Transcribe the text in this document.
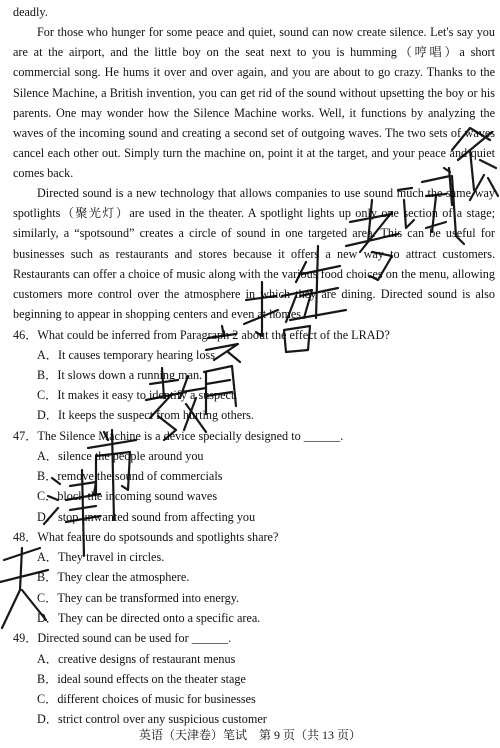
deadly.

For those who hunger for some peace and quiet, sound can now create silence. Let's say you are at the airport, and the little boy on the seat next to you is humming（哼唱）a short commercial song. He hums it over and over again, and you are about to go crazy. Thanks to the Silence Machine, a British invention, you can get rid of the sound without upsetting the boy or his parents. One may wonder how the Silence Machine works. Well, it functions by analyzing the waves of the incoming sound and creating a second set of outgoing waves. The two sets of waves cancel each other out. Simply turn the machine on, point it at the target, and your peace and quiet comes back.

Directed sound is a new technology that allows companies to use sound much the same way spotlights（聚光灯）are used in the theater. A spotlight lights up only one section of a stage; similarly, a “spotsound” creates a circle of sound in one targeted area. This can be useful for businesses such as restaurants and stores because it offers a new way to attract customers. Restaurants can offer a choice of music along with the various food choices on the menu, allowing customers more control over the atmosphere in which they are dining. Directed sound is also beginning to appear in shopping centers and even at homes.

46．What could be inferred from Paragraph 2 about the effect of the LRAD?

A．It causes temporary hearing loss.

B．It slows down a running man.

C．It makes it easy to identify a suspect.

D．It keeps the suspect from hurting others.

47．The Silence Machine is a device specially designed to ______.

A．silence the people around you

B．remove the sound of commercials

C．block the incoming sound waves

D．stop unwanted sound from affecting you

48．What feature do spotsounds and spotlights share?

A．They travel in circles.

B．They clear the atmosphere.

C．They can be transformed into energy.

D．They can be directed onto a specific area.

49．Directed sound can be used for ______.

A．creative designs of restaurant menus

B．ideal sound effects on the theater stage

C．different choices of music for businesses

D．strict control over any suspicious customer

英语（天津卷）笔试　第 9 页（共 13 页）
